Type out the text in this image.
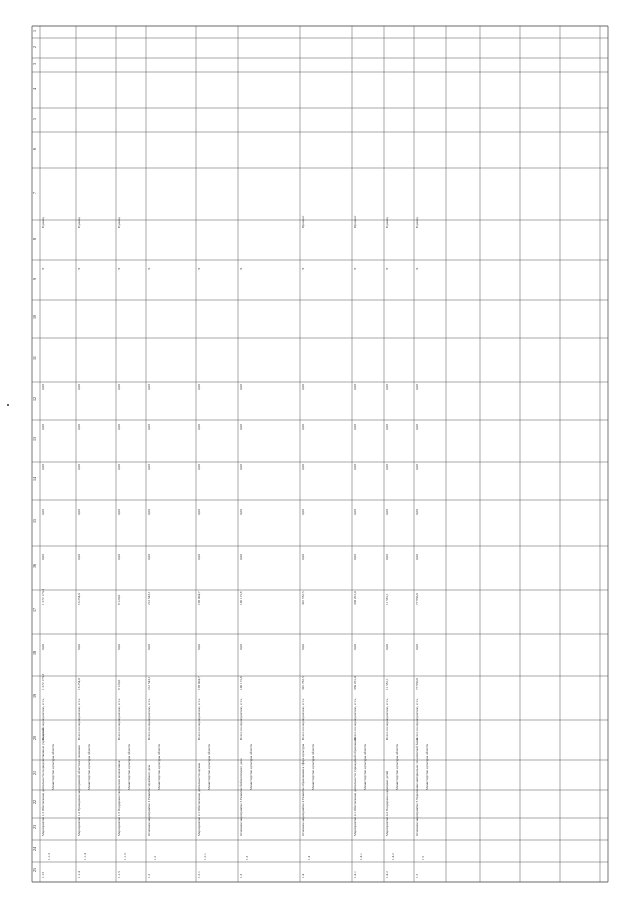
1
2
3
4
5
6
7
8
9
10
11
12
13
14
15
16
17
18
19
20
21
22
23
24
25
1.13
1.1.3
Мероприятие 1.3 Обеспечение деятельности подведомственных учреждений Министерство культуры области
Всего по мероприятию, в т.ч.
1 272 173,3
0,00
1 272 173,3
0,00
0,00
0,00
0,00
0,00
X
Единиц
1.1.4
1.1.4
Мероприятие 1.4 Проведение мероприятий областного значения Министерство культуры области
Всего по мероприятию, в т.ч.
16 254,0
0,00
16 254,0
0,00
0,00
0,00
0,00
0,00
X
Единиц
1.1.5
1.1.5
Мероприятие 1.5 Поддержка творческих коллективов Министерство культуры области
Всего по мероприятию, в т.ч.
9 120,0
0,00
9 120,0
0,00
0,00
0,00
0,00
0,00
X
Единиц
1.2
1.2
Основное мероприятие 2 Развитие музейного дела Министерство культуры области
Всего по мероприятию, в т.ч.
212 543,1
0,00
212 543,1
0,00
0,00
0,00
0,00
0,00
X
1.2.1
1.2.1
Мероприятие 2.1 Обеспечение деятельности музеев Министерство культуры области
Всего по мероприятию, в т.ч.
198 004,7
0,00
198 004,7
0,00
0,00
0,00
0,00
0,00
X
1.3
1.3
Основное мероприятие 3 Развитие библиотечного дела Министерство культуры области
Всего по мероприятию, в т.ч.
146 115,8
0,00
146 115,8
0,00
0,00
0,00
0,00
0,00
X
1.4
1.4
Основное мероприятие 4 Развитие образования в сфере культуры Министерство культуры области
Всего по мероприятию, в т.ч.
341 782,5
0,00
341 782,5
0,00
0,00
0,00
0,00
0,00
X
Процент
1.4.1
1.4.1
Мероприятие 4.1 Обеспечение деятельности учреждений образования Министерство культуры области
Всего по мероприятию, в т.ч.
330 201,4
0,00
330 201,4
0,00
0,00
0,00
0,00
0,00
X
Процент
1.4.2
1.4.2
Мероприятие 4.2 Поддержка одаренных детей
Министерство культуры области
Всего по мероприятию, в т.ч.
11 581,1
0,00
11 581,1
0,00
0,00
0,00
0,00
0,00
X
Единиц
1.5
1.5
Основное мероприятие 5 Укрепление материально-технической базы Министерство культуры области
Всего по мероприятию, в т.ч.
77 950,0
0,00
77 950,0
0,00
0,00
0,00
0,00
0,00
X
Единиц
